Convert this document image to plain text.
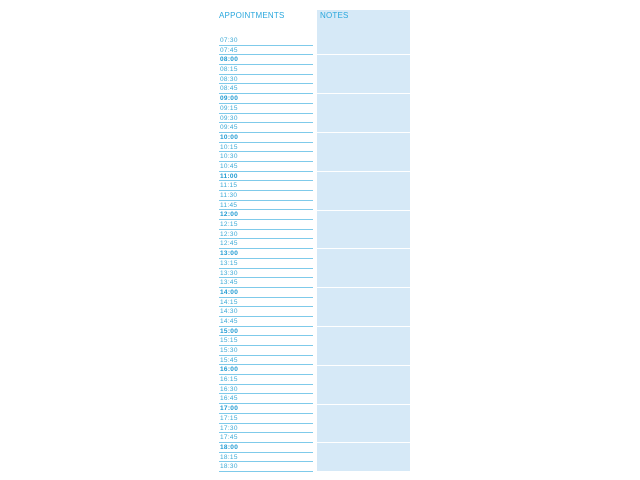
APPOINTMENTS
07:30
07:45
08:00
08:15
08:30
08:45
09:00
09:15
09:30
09:45
10:00
10:15
10:30
10:45
11:00
11:15
11:30
11:45
12:00
12:15
12:30
12:45
13:00
13:15
13:30
13:45
14:00
14:15
14:30
14:45
15:00
15:15
15:30
15:45
16:00
16:15
16:30
16:45
17:00
17:15
17:30
17:45
18:00
18:15
18:30
NOTES
